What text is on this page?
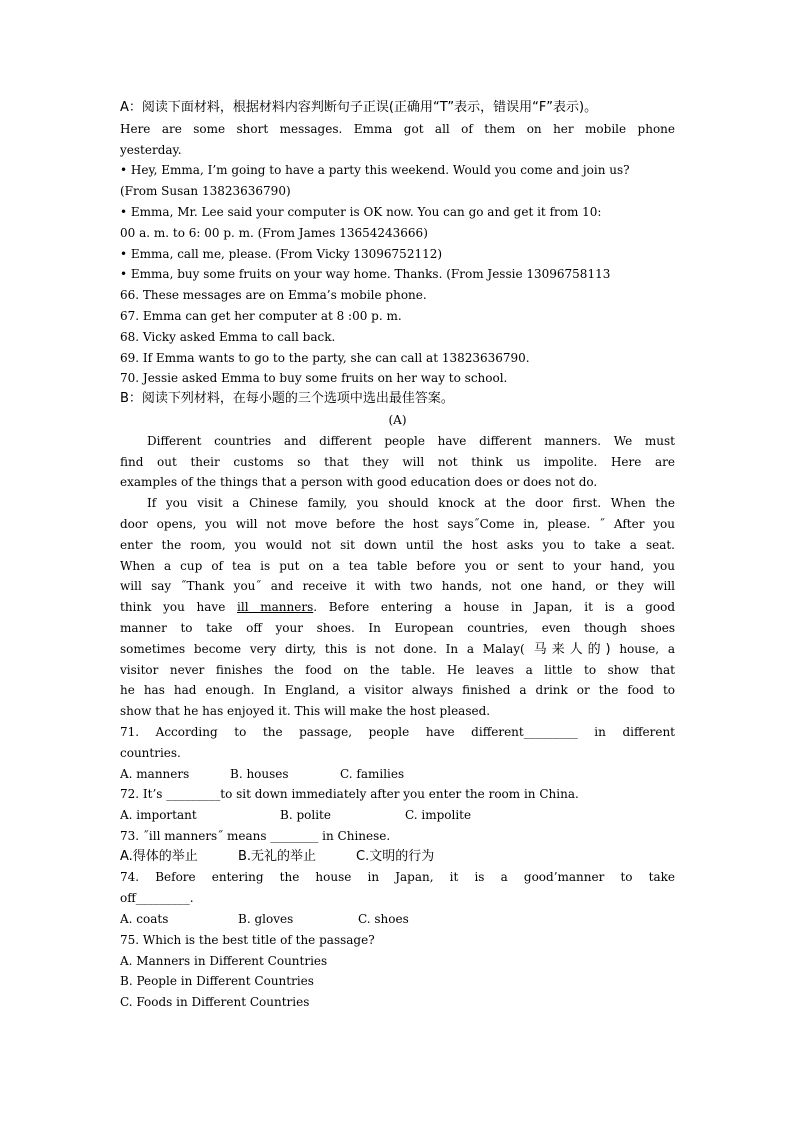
A：阅读下面材料，根据材料内容判断句子正误(正确用“T”表示，错误用“F”表示)。
Here are some short messages. Emma got all of them on her mobile phone
yesterday.
• Hey, Emma, I’m going to have a party this weekend. Would you come and join us?
(From Susan 13823636790)
• Emma, Mr. Lee said your computer is OK now. You can go and get it from 10:
00 a. m. to 6: 00 p. m. (From James 13654243666)
• Emma, call me, please. (From Vicky 13096752112)
• Emma, buy some fruits on your way home. Thanks. (From Jessie 13096758113
66. These messages are on Emma’s mobile phone.
67. Emma can get her computer at 8 :00 p. m.
68. Vicky asked Emma to call back.
69. If Emma wants to go to the party, she can call at 13823636790.
70. Jessie asked Emma to buy some fruits on her way to school.
B：阅读下列材料，在每小题的三个选项中选出最佳答案。
(A)
Different countries and different people have different manners. We must
find out their customs so that they will not think us impolite. Here are
examples of the things that a person with good education does or does not do.
If you visit a Chinese family, you should knock at the door first. When the
door opens, you will not move before the host says˝Come in, please. ˝ After you
enter the room, you would not sit down until the host asks you to take a seat.
When a cup of tea is put on a tea table before you or sent to your hand, you
will say ˝Thank you˝ and receive it with two hands, not one hand, or they will
think you have ill manners. Before entering a house in Japan, it is a good
manner to take off your shoes. In European countries, even though shoes
sometimes become very dirty, this is not done. In a Malay( 马来人的) house, a
visitor never finishes the food on the table. He leaves a little to show that
he has had enough. In England, a visitor always finished a drink or the food to
show that he has enjoyed it. This will make the host pleased.
71. According to the passage, people have different_________ in different
countries.
A. manners	B. houses	C. families
72. It’s _________to sit down immediately after you enter the room in China.
A. important	B. polite	C. impolite
73. ˝ill manners˝ means ________ in Chinese.
A.得体的举止	B.无礼的举止	C.文明的行为
74. Before entering the house in Japan, it is a good’manner to take
off_________.
A. coats	B. gloves	C. shoes
75. Which is the best title of the passage?
A. Manners in Different Countries
B. People in Different Countries
C. Foods in Different Countries
